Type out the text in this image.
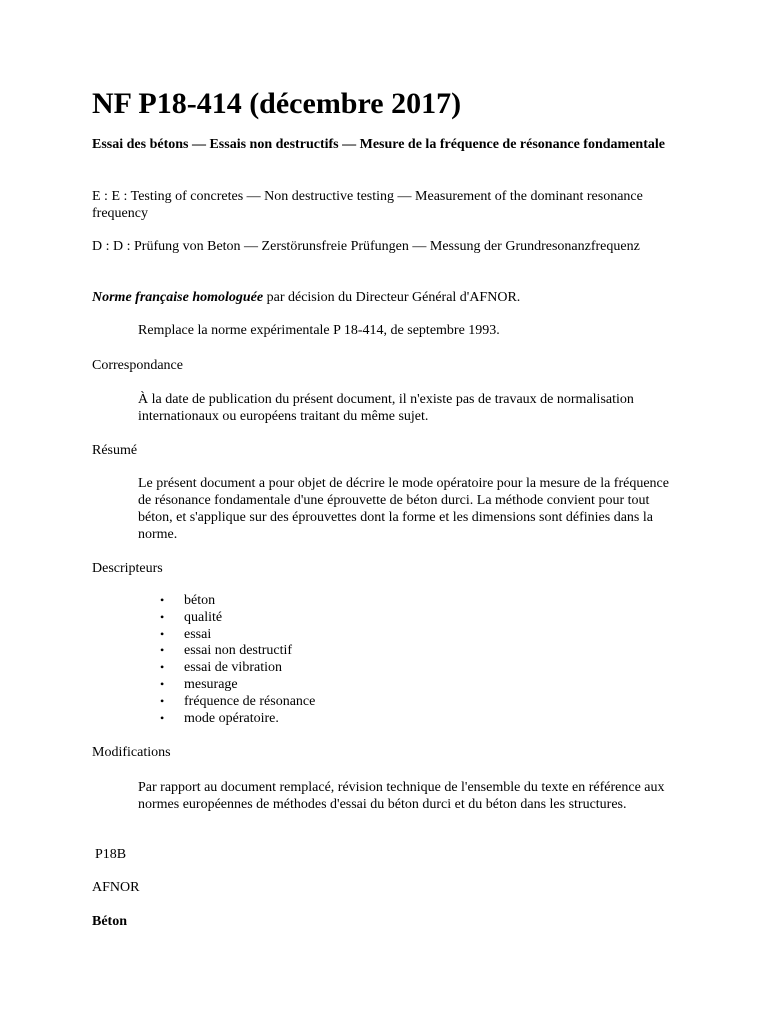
NF P18-414 (décembre 2017)

Essai des bétons — Essais non destructifs — Mesure de la fréquence de résonance fondamentale

E : E : Testing of concretes — Non destructive testing — Measurement of the dominant resonance frequency

D : D : Prüfung von Beton — Zerstörunsfreie Prüfungen — Messung der Grundresonanzfrequenz

Norme française homologuée par décision du Directeur Général d'AFNOR.

Remplace la norme expérimentale P 18-414, de septembre 1993.

Correspondance

À la date de publication du présent document, il n'existe pas de travaux de normalisation internationaux ou européens traitant du même sujet.

Résumé

Le présent document a pour objet de décrire le mode opératoire pour la mesure de la fréquence de résonance fondamentale d'une éprouvette de béton durci. La méthode convient pour tout béton, et s'applique sur des éprouvettes dont la forme et les dimensions sont définies dans la norme.

Descripteurs

• béton
• qualité
• essai
• essai non destructif
• essai de vibration
• mesurage
• fréquence de résonance
• mode opératoire.

Modifications

Par rapport au document remplacé, révision technique de l'ensemble du texte en référence aux normes européennes de méthodes d'essai du béton durci et du béton dans les structures.

P18B

AFNOR

Béton
